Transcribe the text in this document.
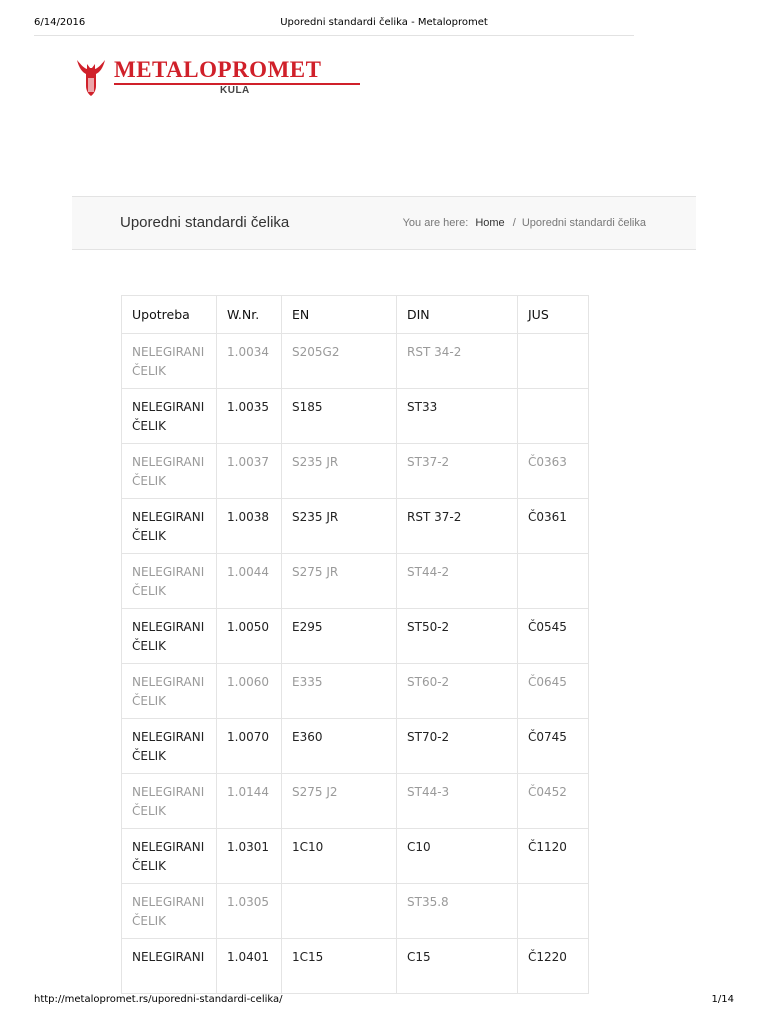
6/14/2016	Uporedni standardi čelika - Metalopromet
METALOPROMET
KULA
Uporedni standardi čelika	You are here: Home / Uporedni standardi čelika
Upotreba	W.Nr.	EN	DIN	JUS
NELEGIRANI ČELIK	1.0034	S205G2	RST 34-2	
NELEGIRANI ČELIK	1.0035	S185	ST33	
NELEGIRANI ČELIK	1.0037	S235 JR	ST37-2	Č0363
NELEGIRANI ČELIK	1.0038	S235 JR	RST 37-2	Č0361
NELEGIRANI ČELIK	1.0044	S275 JR	ST44-2	
NELEGIRANI ČELIK	1.0050	E295	ST50-2	Č0545
NELEGIRANI ČELIK	1.0060	E335	ST60-2	Č0645
NELEGIRANI ČELIK	1.0070	E360	ST70-2	Č0745
NELEGIRANI ČELIK	1.0144	S275 J2	ST44-3	Č0452
NELEGIRANI ČELIK	1.0301	1C10	C10	Č1120
NELEGIRANI ČELIK	1.0305		ST35.8	
NELEGIRANI	1.0401	1C15	C15	Č1220
http://metalopromet.rs/uporedni-standardi-celika/	1/14
